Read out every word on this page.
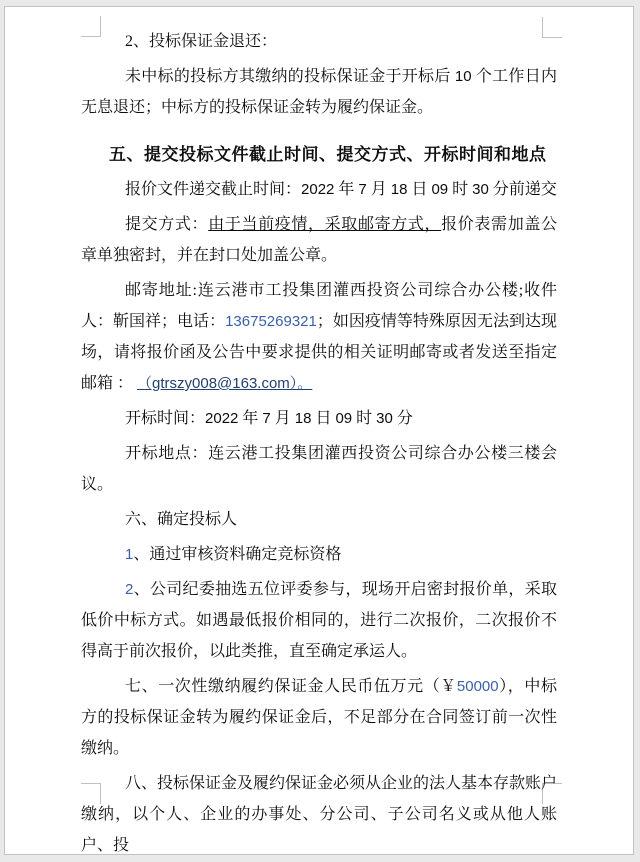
2、投标保证金退还：

未中标的投标方其缴纳的投标保证金于开标后 10 个工作日内无息退还；中标方的投标保证金转为履约保证金。

五、提交投标文件截止时间、提交方式、开标时间和地点

报价文件递交截止时间：2022 年 7 月 18 日 09 时 30 分前递交

提交方式：由于当前疫情，采取邮寄方式，报价表需加盖公章单独密封，并在封口处加盖公章。

邮寄地址:连云港市工投集团灌西投资公司综合办公楼;收件人：靳国祥；电话：13675269321；如因疫情等特殊原因无法到达现场，请将报价函及公告中要求提供的相关证明邮寄或者发送至指定邮箱 ： （gtrszy008@163.com）。

开标时间：2022 年 7 月 18 日 09 时 30 分

开标地点：连云港工投集团灌西投资公司综合办公楼三楼会议。

六、确定投标人

1、通过审核资料确定竞标资格

2、公司纪委抽选五位评委参与，现场开启密封报价单，采取低价中标方式。如遇最低报价相同的，进行二次报价，二次报价不得高于前次报价，以此类推，直至确定承运人。

七、一次性缴纳履约保证金人民币伍万元（￥50000），中标方的投标保证金转为履约保证金后，不足部分在合同签订前一次性缴纳。

八、投标保证金及履约保证金必须从企业的法人基本存款账户缴纳，以个人、企业的办事处、分公司、子公司名义或从他人账户、投
